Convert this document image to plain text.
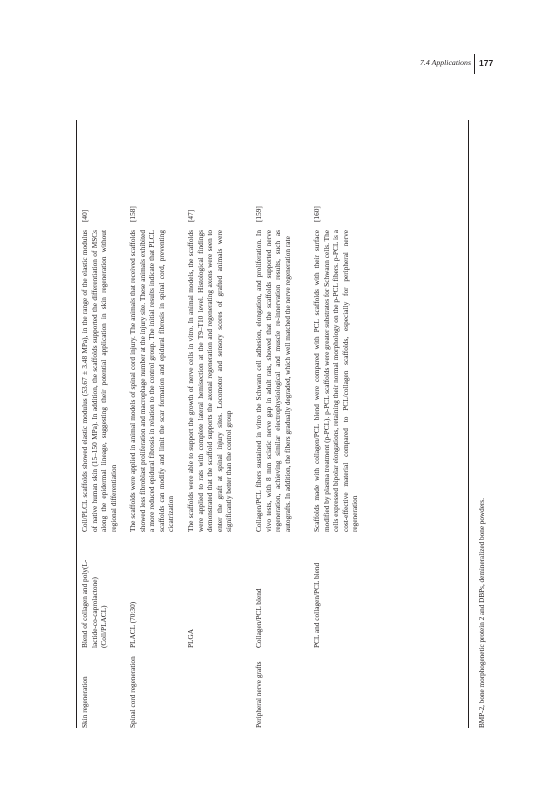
7.4 Applications 177
Skin regeneration
Blend of collagen and poly(L-lactide-co-caprolactone) (Coll/PLACL)
Coll/PLCL scaffolds showed elastic modulus (53.67 ± 3.48 MPa), in the range of the elastic modulus of native human skin (15–150 MPa). In addition, the scaffolds supported the differentiation of MSCs along the epidermal lineage, suggesting their potential application in skin regeneration without regional differentiation
[40]
Spinal cord regeneration
PLACL (70:30)
The scaffolds were applied in animal models of spinal cord injury. The animals that received scaffolds showed less fibroblast proliferation and macrophage number at the injury site. These animals exhibited a more reduced epidural fibrosis in relation to the control group. The initial results indicate that PLCL scaffolds can modify and limit the scar formation and epidural fibrosis in spinal cord, preventing cicatrization
[158]
PLGA
The scaffolds were able to support the growth of nerve cells in vitro. In animal models, the scaffolds were applied to rats with complete lateral hemisection at the T9–T10 level. Histological findings demonstrated that the scaffold supports the axonal regeneration and regenerating axons were seen to enter the graft at spinal injury sites. Locomotor and sensory scores of grafted animals were significantly better than the control group
[47]
Peripheral nerve grafts
Collagen/PCL blend
Collagen/PCL fibers sustained in vitro the Schwann cell adhesion, elongation, and proliferation. In vivo tests, with 8 mm sciatic nerve gap in adult rats, showed that the scaffolds supported nerve regeneration, achieving similar electrophysiological and muscle re-innervation results, such as autografts. In addition, the fibers gradually degraded, which well matched the nerve regeneration rate
[159]
PCL and collagen/PCL blend
Scaffolds made with collagen/PCL blend were compared with PCL scaffolds with their surface modified by plasma treatment (p-PCL). p-PCL scaffolds were greater substrates for Schwann cells. The cells expressed bipolar elongations, retaining their normal morphology on the p-PCL fibers. p-PCL is a cost-effective material compared to PCL/collagen scaffolds, especially for peripheral nerve regeneration
[160]
BMP-2, bone morphogenetic protein 2 and DBPs, demineralized bone powders.
